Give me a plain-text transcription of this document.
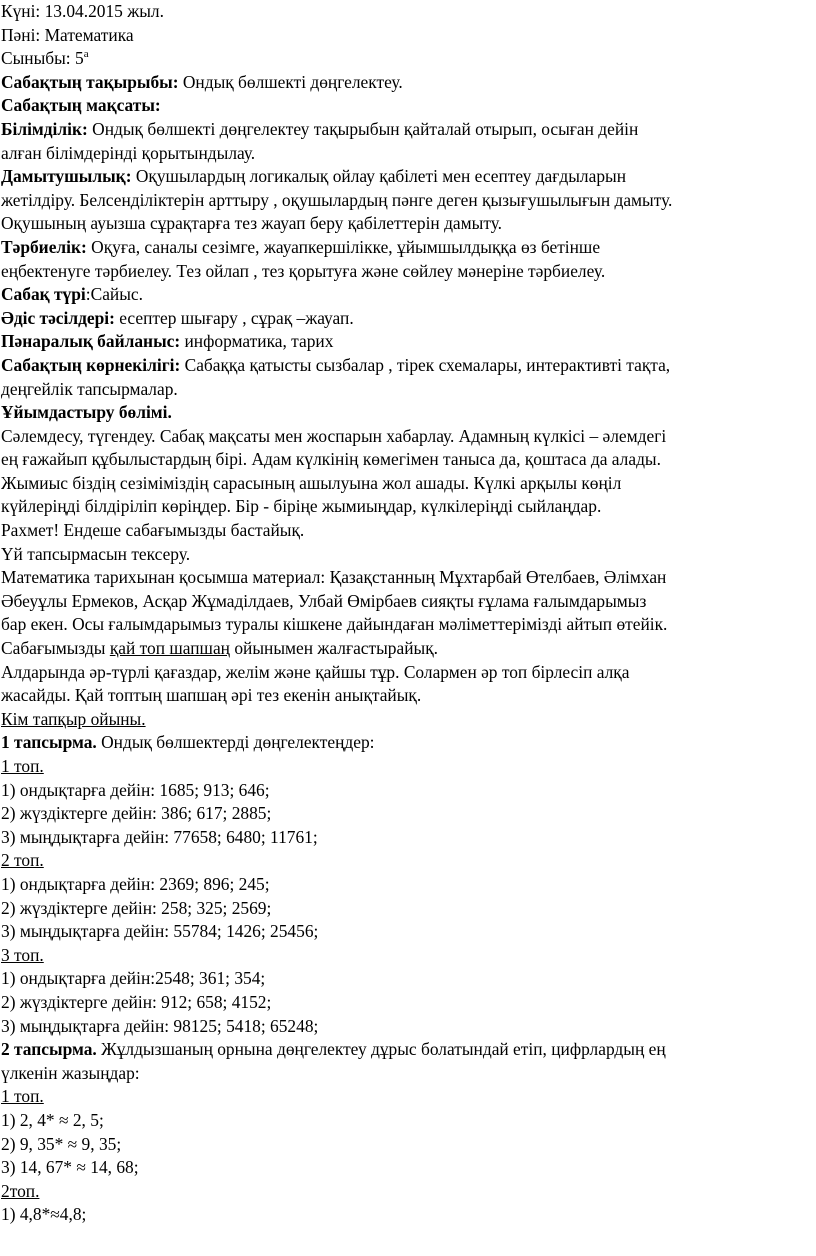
Күні: 13.04.2015 жыл.
Пәні: Математика
Сыныбы: $5^а$
Сабақтың тақырыбы: Ондық бөлшекті дөңгелектеу.
Сабақтың мақсаты:
Білімділік: Ондық бөлшекті дөңгелектеу тақырыбын қайталай отырып, осыған дейін
алған білімдерінді қорытындылау.
Дамытушылық: Оқушылардың логикалық ойлау қабілеті мен есептеу дағдыларын
жетілдіру. Белсенділіктерін арттыру , оқушылардың пәнге деген қызығушылығын дамыту.
Оқушының ауызша сұрақтарға тез жауап беру қабілеттерін дамыту.
Тәрбиелік: Оқуға, саналы сезімге, жауапкершілікке, ұйымшылдыққа өз бетінше
еңбектенуге тәрбиелеу. Тез ойлап , тез қорытуға және сөйлеу мәнеріне тәрбиелеу.
Сабақ түрі:Сайыс.
Әдіс тәсілдері: есептер шығару , сұрақ –жауап.
Пәнаралық байланыс: информатика, тарих
Сабақтың көрнекілігі: Сабаққа қатысты сызбалар , тірек схемалары, интерактивті тақта,
деңгейлік тапсырмалар.
Ұйымдастыру бөлімі.
Сәлемдесу, түгендеу. Сабақ мақсаты мен жоспарын хабарлау. Адамның күлкісі – әлемдегі
ең ғажайып құбылыстардың бірі. Адам күлкінің көмегімен таныса да, қоштаса да алады.
Жымиыс біздің сезіміміздің сарасының ашылуына жол ашады. Күлкі арқылы көңіл
күйлеріңді білдіріліп көріңдер. Бір - біріңе жымиыңдар, күлкілеріңді сыйлаңдар.
Рахмет! Ендеше сабағымызды бастайық.
Үй тапсырмасын тексеру.
Математика тарихынан қосымша материал: Қазақстанның Мұхтарбай Өтелбаев, Әлімхан
Әбеуұлы Ермеков, Асқар Жұмаділдаев, Улбай Өмірбаев сияқты ғұлама ғалымдарымыз
бар екен. Осы ғалымдарымыз туралы кішкене дайындаған мәліметтерімізді айтып өтейік.
Сабағымызды қай топ шапшаң ойынымен жалғастырайық.
Алдарында әр-түрлі қағаздар, желім және қайшы тұр. Солармен әр топ бірлесіп алқа
жасайды. Қай топтың шапшаң әрі тез екенін анықтайық.
Кім тапқыр ойыны.
1 тапсырма. Ондық бөлшектерді дөңгелектеңдер:
1 топ.
1) ондықтарға дейін: 1685; 913; 646;
2) жүздіктерге дейін: 386; 617; 2885;
3) мыңдықтарға дейін: 77658; 6480; 11761;
2 топ.
1) ондықтарға дейін: 2369; 896; 245;
2) жүздіктерге дейін: 258; 325; 2569;
3) мыңдықтарға дейін: 55784; 1426; 25456;
3 топ.
1) ондықтарға дейін:2548; 361; 354;
2) жүздіктерге дейін: 912; 658; 4152;
3) мыңдықтарға дейін: 98125; 5418; 65248;
2 тапсырма. Жұлдызшаның орнына дөңгелектеу дұрыс болатындай етіп, цифрлардың ең
үлкенін жазыңдар:
1 топ.
1) 2, 4* ≈ 2, 5;
2) 9, 35* ≈ 9, 35;
3) 14, 67* ≈ 14, 68;
2топ.
1) 4,8*≈4,8;
